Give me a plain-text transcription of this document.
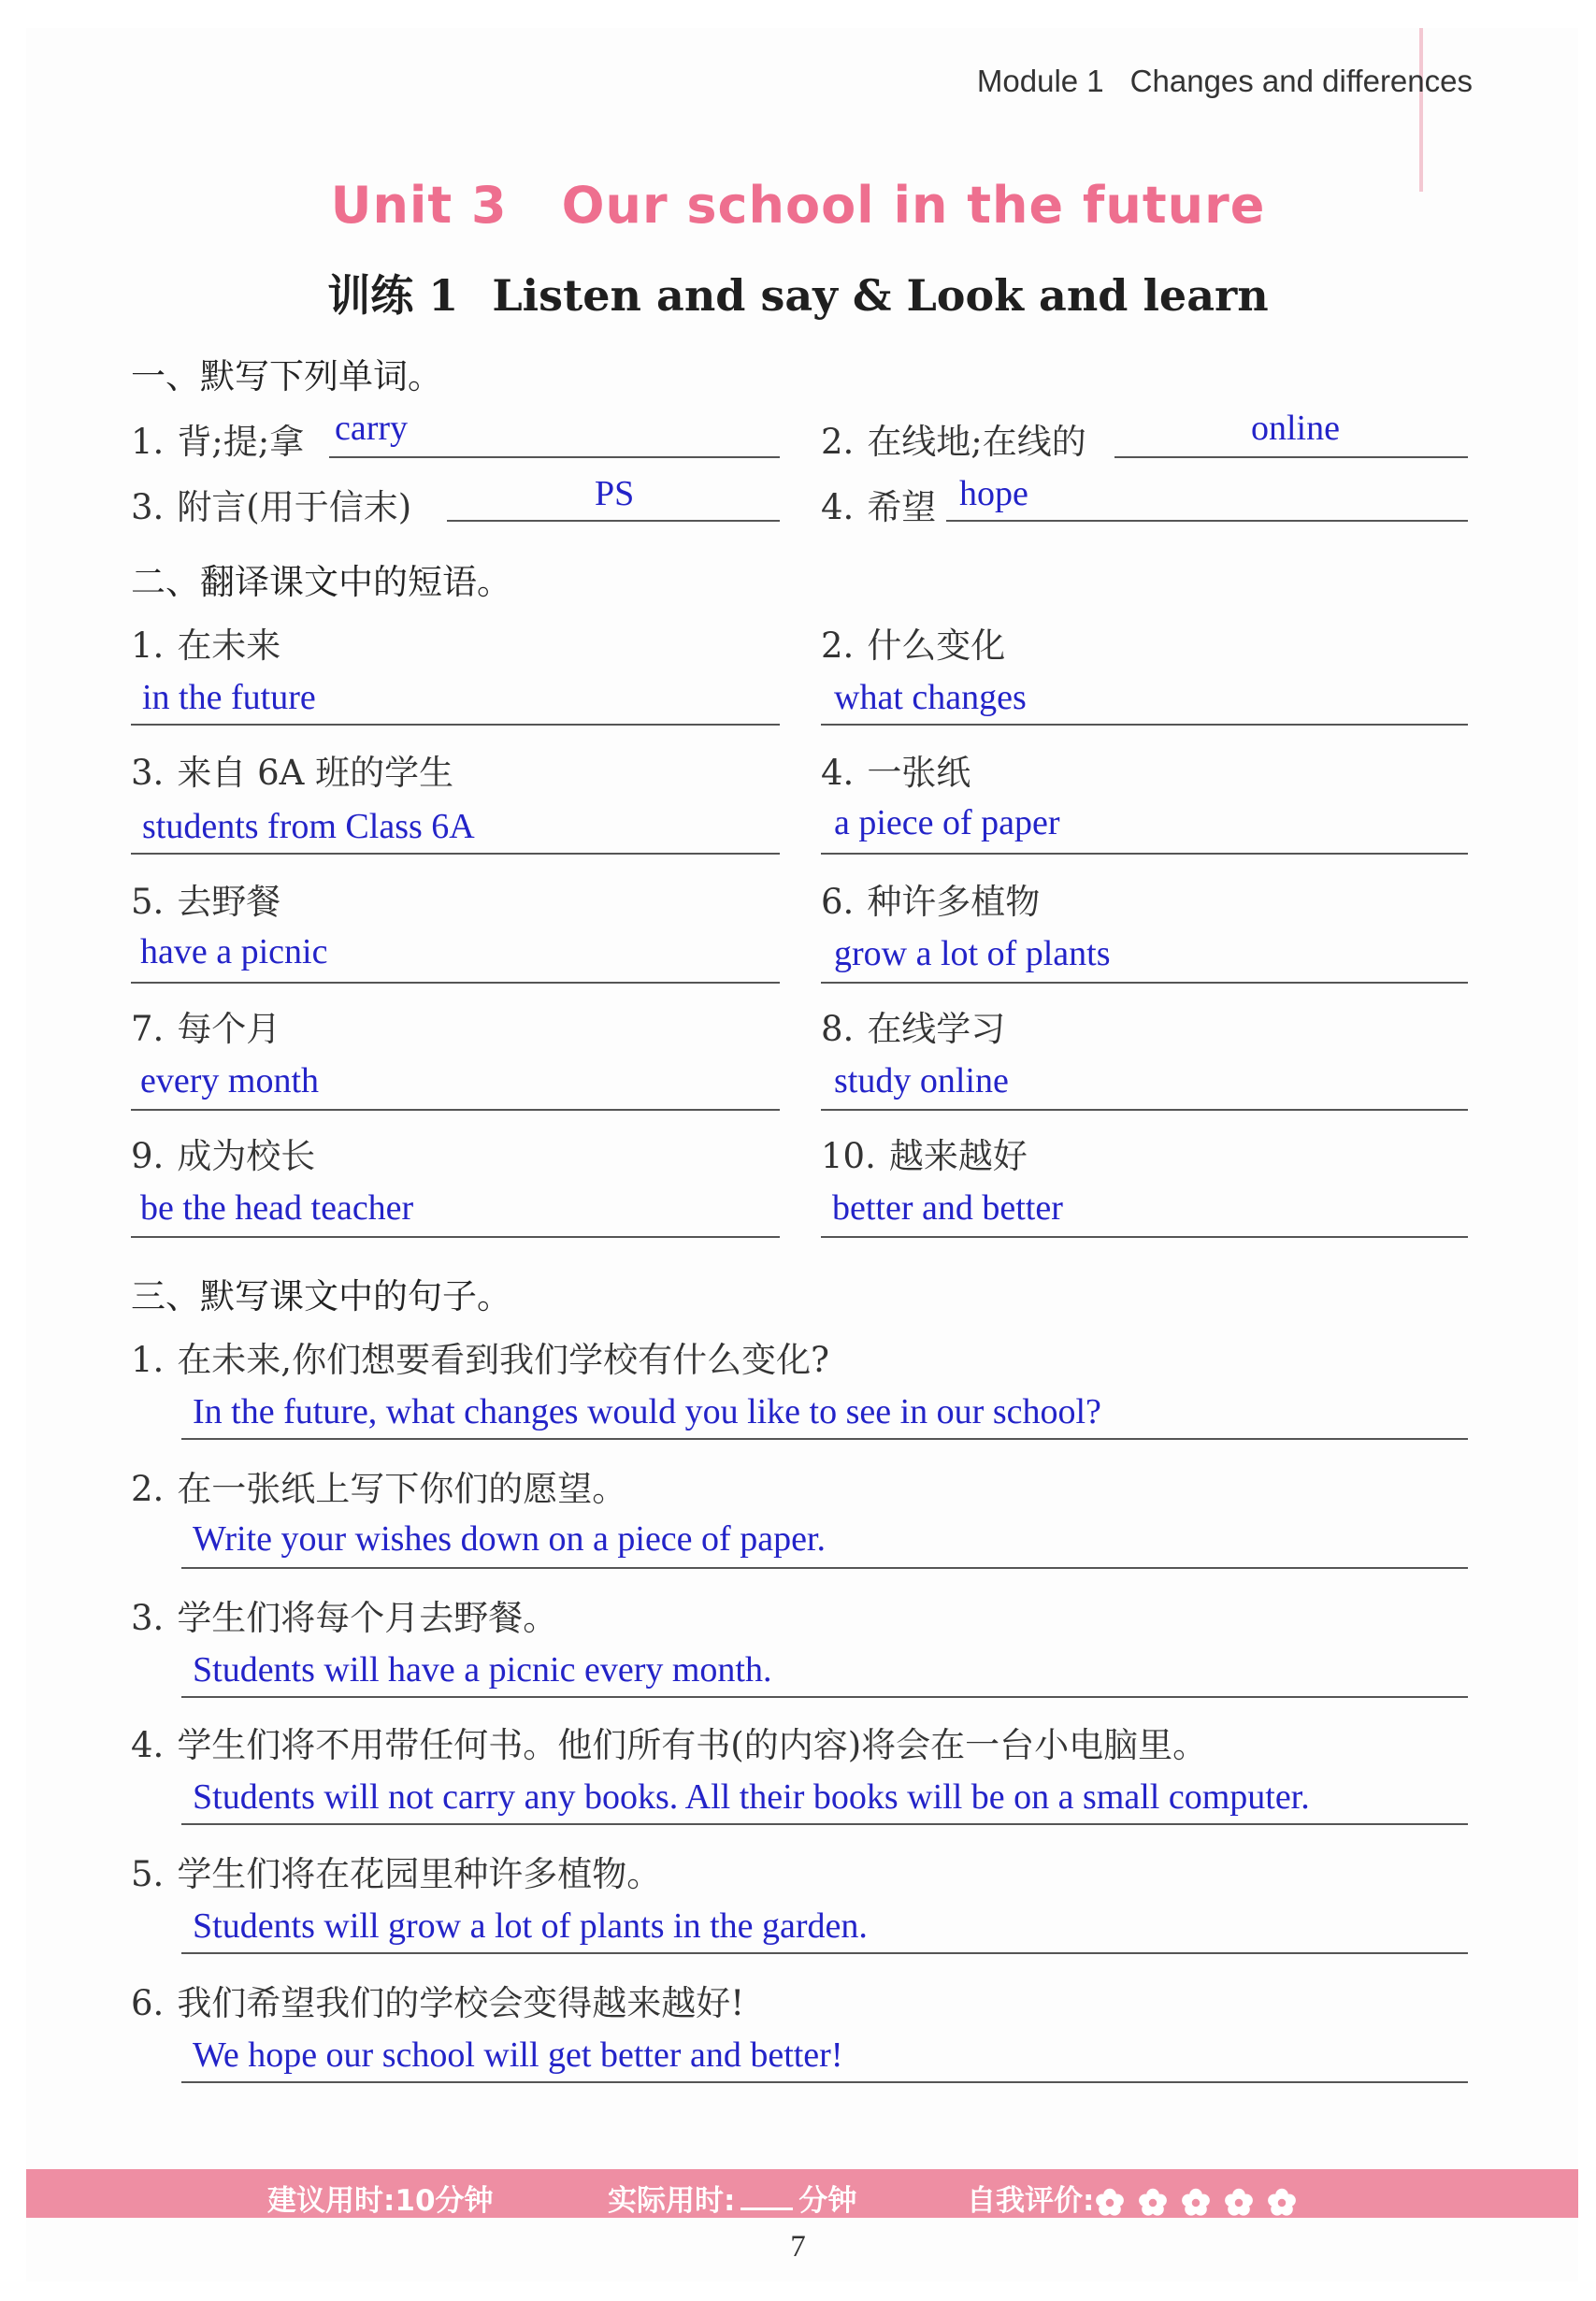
Module 1 Changes and differences
Unit 3 Our school in the future
训练 1 Listen and say & Look and learn
一、默写下列单词。
1. 背;提;拿 carry	2. 在线地;在线的	online
3. 附言(用于信末)	PS	4. 希望 hope
二、翻译课文中的短语。
1. 在未来
in the future
2. 什么变化
what changes
3. 来自 6A 班的学生
students from Class 6A
4. 一张纸
a piece of paper
5. 去野餐
have a picnic
6. 种许多植物
grow a lot of plants
7. 每个月
every month
8. 在线学习
study online
9. 成为校长
be the head teacher
10. 越来越好
better and better
三、默写课文中的句子。
1. 在未来,你们想要看到我们学校有什么变化?
In the future, what changes would you like to see in our school?
2. 在一张纸上写下你们的愿望。
Write your wishes down on a piece of paper.
3. 学生们将每个月去野餐。
Students will have a picnic every month.
4. 学生们将不用带任何书。他们所有书(的内容)将会在一台小电脑里。
Students will not carry any books. All their books will be on a small computer.
5. 学生们将在花园里种许多植物。
Students will grow a lot of plants in the garden.
6. 我们希望我们的学校会变得越来越好!
We hope our school will get better and better!
建议用时:10分钟	实际用时: 分钟	自我评价:
7
